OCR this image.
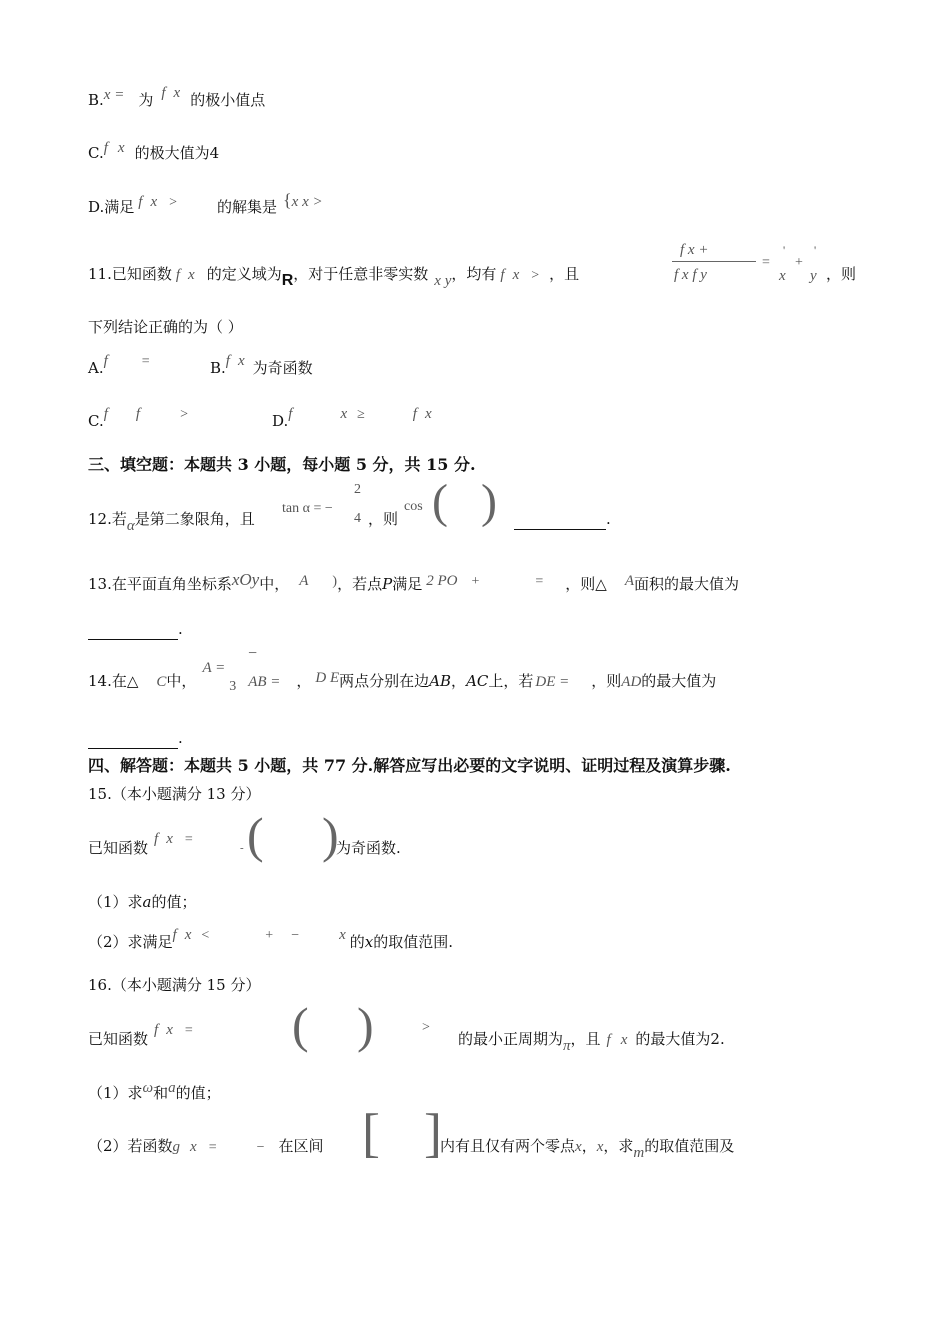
B.x = 为 f x 的极小值点
C.f x 的极大值为4
D.满足 f x >	的解集是 {x x >
11.已知函数 f x 的定义域为R，对于任意非零实数 x y，均有 f x > ，且
f x +
f x f y
=
'
x
+
'
y ，则
下列结论正确的为（ ）
A.f =	B.f x 为奇函数
C.f f	>	D.f	x ≥	f x
三、填空题：本题共 3 小题，每小题 5 分，共 15 分.
12.若α是第二象限角，且
tan α = −
2
4 ，则
cos ( )	.
13.在平面直角坐标系xOy中， A )，若点P满足 2 PO +	= ，则△ A面积的最大值为
.
−
14.在△ C中，A =3 AB = ， D E两点分别在边AB，AC上，若 DE = ，则AD的最大值为
.
四、解答题：本题共 5 小题，共 77 分.解答应写出必要的文字说明、证明过程及演算步骤.
15.（本小题满分 13 分）
已知函数 f x =
- ( )
为奇函数.
（1）求a的值；
（2）求满足f x <	+ −	x 的x的取值范围.
16.（本小题满分 15 分）
已知函数 f x = ( )	>
的最小正周期为π，且 f x 的最大值为2.
（1）求ω和a的值；
[ ]
（2）若函数g x =	− 在区间	内有且仅有两个零点x，x，求m的取值范围及
